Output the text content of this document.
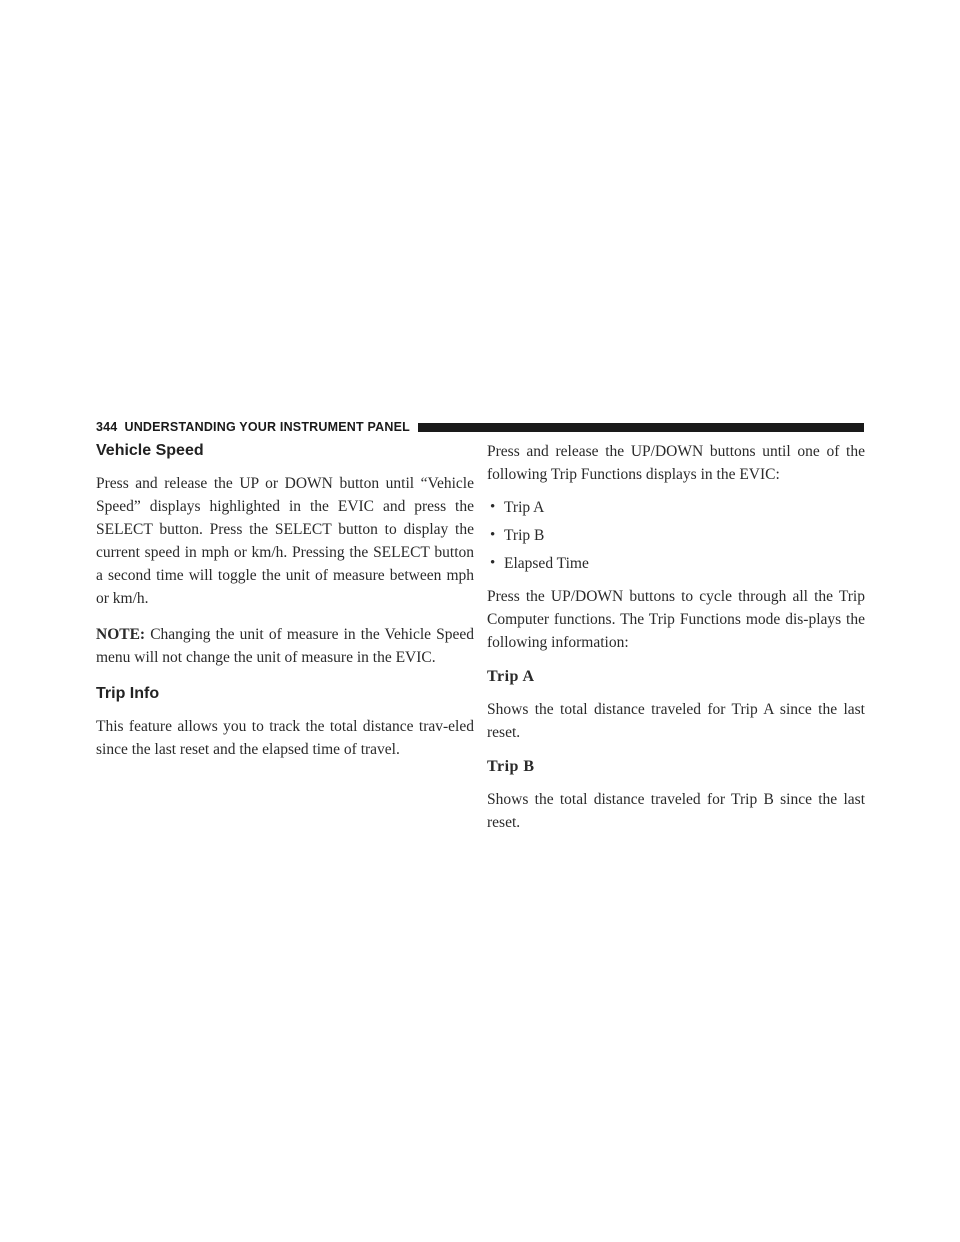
344 UNDERSTANDING YOUR INSTRUMENT PANEL
Vehicle Speed

Press and release the UP or DOWN button until “Vehicle Speed” displays highlighted in the EVIC and press the SELECT button. Press the SELECT button to display the current speed in mph or km/h. Pressing the SELECT button a second time will toggle the unit of measure between mph or km/h.

NOTE: Changing the unit of measure in the Vehicle Speed menu will not change the unit of measure in the EVIC.

Trip Info

This feature allows you to track the total distance trav-eled since the last reset and the elapsed time of travel.

Press and release the UP/DOWN buttons until one of the following Trip Functions displays in the EVIC:

• Trip A
• Trip B
• Elapsed Time

Press the UP/DOWN buttons to cycle through all the Trip Computer functions. The Trip Functions mode dis-plays the following information:

Trip A

Shows the total distance traveled for Trip A since the last reset.

Trip B

Shows the total distance traveled for Trip B since the last reset.
